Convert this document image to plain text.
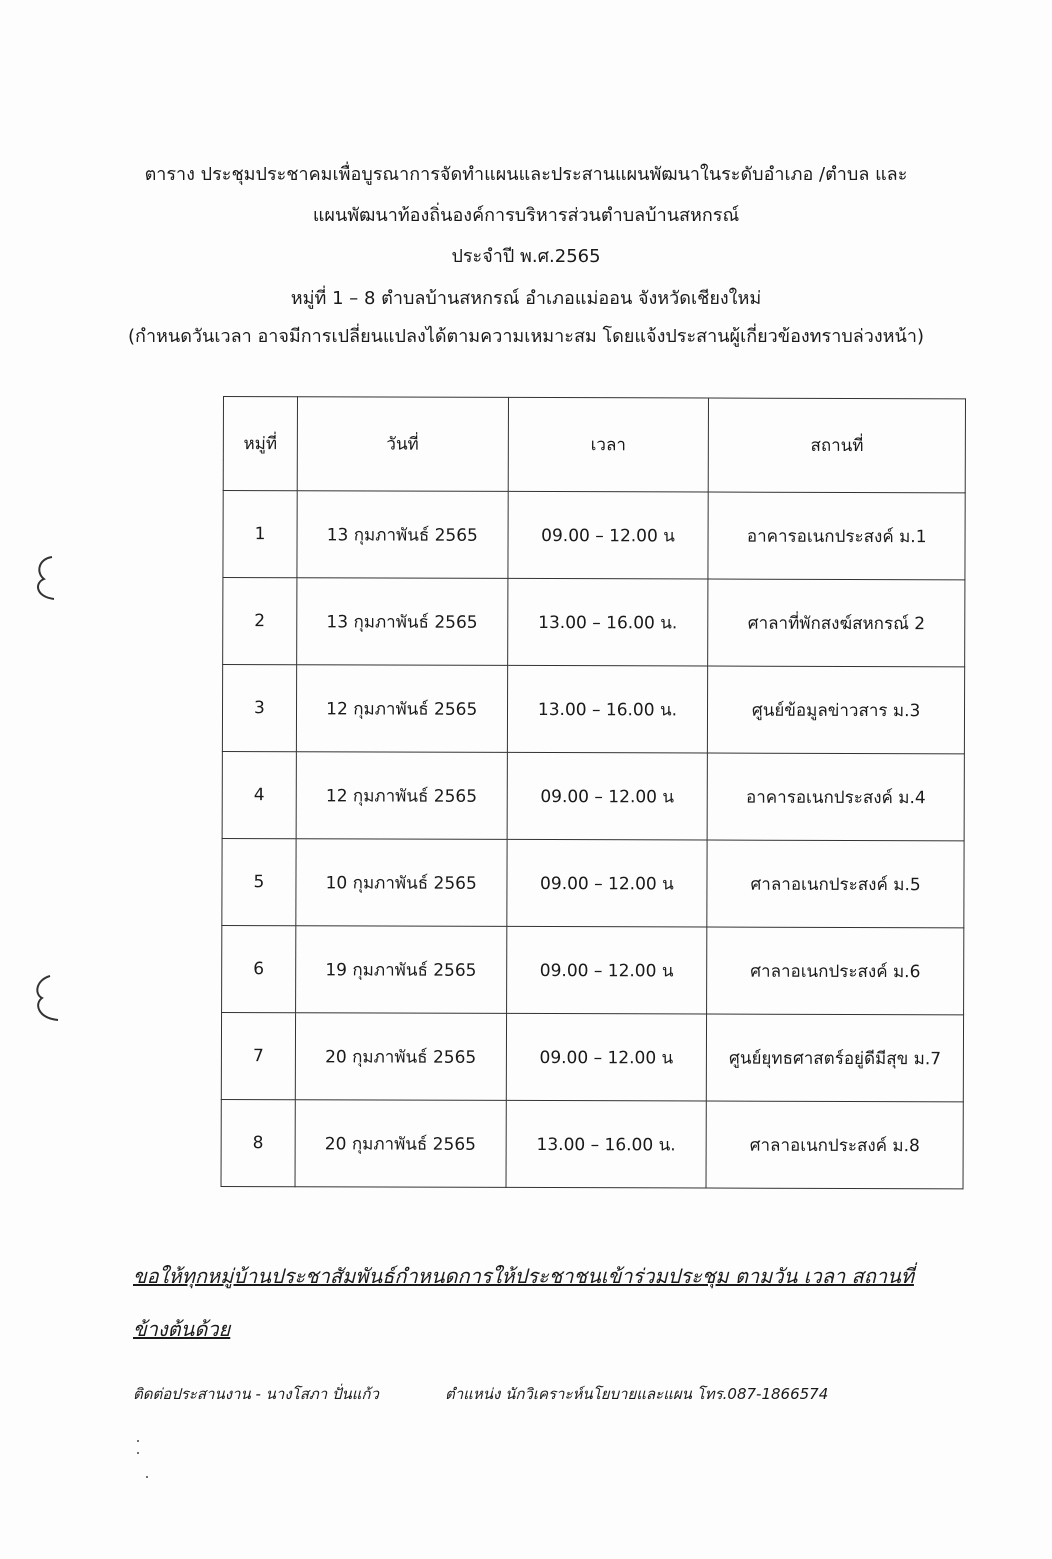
ตาราง ประชุมประชาคมเพื่อบูรณาการจัดทำแผนและประสานแผนพัฒนาในระดับอำเภอ /ตำบล และ
แผนพัฒนาท้องถิ่นองค์การบริหารส่วนตำบลบ้านสหกรณ์
ประจำปี พ.ศ.2565
หมู่ที่ 1 – 8 ตำบลบ้านสหกรณ์ อำเภอแม่ออน จังหวัดเชียงใหม่
(กำหนดวันเวลา อาจมีการเปลี่ยนแปลงได้ตามความเหมาะสม โดยแจ้งประสานผู้เกี่ยวข้องทราบล่วงหน้า)
หมู่ที่	วันที่	เวลา	สถานที่
1	13 กุมภาพันธ์ 2565	09.00 – 12.00 น	อาคารอเนกประสงค์ ม.1
2	13 กุมภาพันธ์ 2565	13.00 – 16.00 น.	ศาลาที่พักสงฆ์สหกรณ์ 2
3	12 กุมภาพันธ์ 2565	13.00 – 16.00 น.	ศูนย์ข้อมูลข่าวสาร ม.3
4	12 กุมภาพันธ์ 2565	09.00 – 12.00 น	อาคารอเนกประสงค์ ม.4
5	10 กุมภาพันธ์ 2565	09.00 – 12.00 น	ศาลาอเนกประสงค์ ม.5
6	19 กุมภาพันธ์ 2565	09.00 – 12.00 น	ศาลาอเนกประสงค์ ม.6
7	20 กุมภาพันธ์ 2565	09.00 – 12.00 น	ศูนย์ยุทธศาสตร์อยู่ดีมีสุข ม.7
8	20 กุมภาพันธ์ 2565	13.00 – 16.00 น.	ศาลาอเนกประสงค์ ม.8
ขอให้ทุกหมู่บ้านประชาสัมพันธ์กำหนดการให้ประชาชนเข้าร่วมประชุม ตามวัน เวลา สถานที่
ข้างต้นด้วย
ติดต่อประสานงาน - นางโสภา ปั่นแก้ว	ตำแหน่ง นักวิเคราะห์นโยบายและแผน โทร.087-1866574
